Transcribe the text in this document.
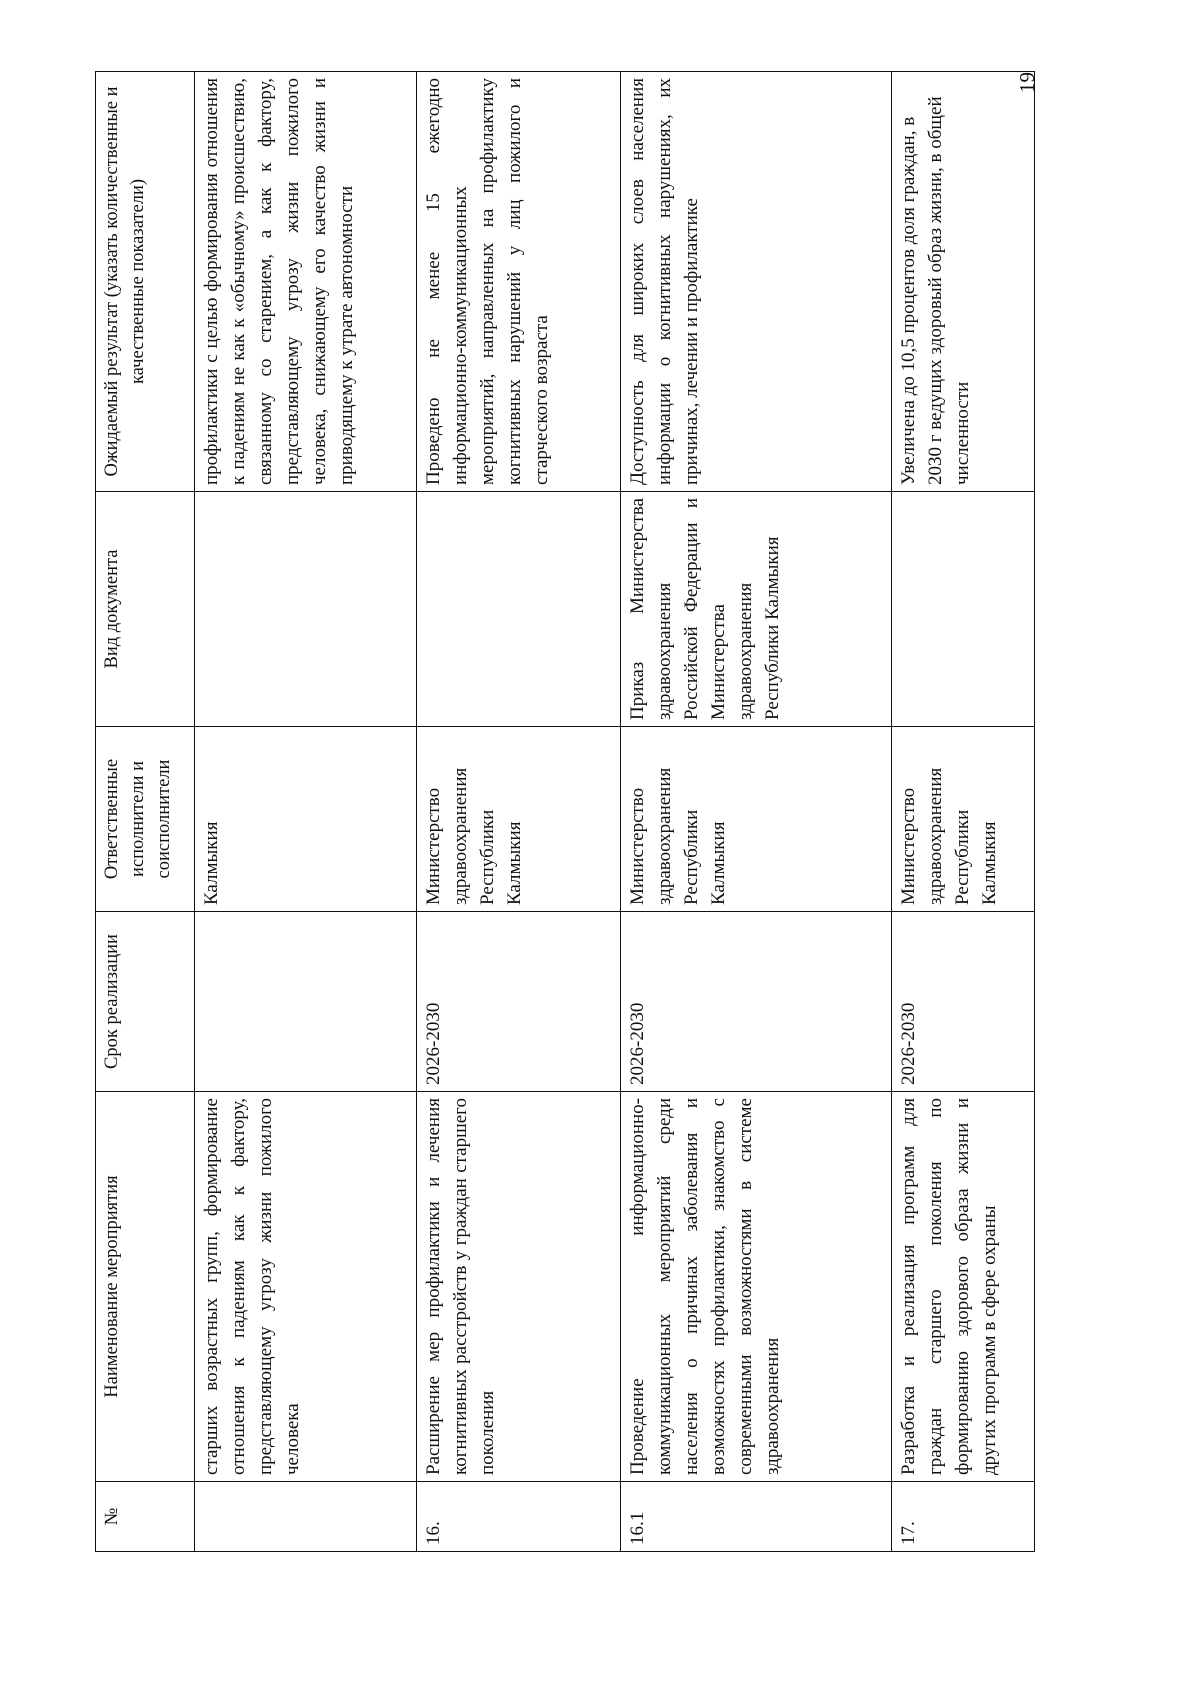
№	Наименование мероприятия	Срок реализации	Ответственные исполнители и соисполнители	Вид документа	Ожидаемый результат (указать количественные и качественные показатели)
	старших возрастных групп, формирование отношения к падениям как к фактору, представляющему угрозу жизни пожилого человека		Калмыкия		профилактики с целью формирования отношения к падениям не как к «обычному» происшествию, связанному со старением, а как к фактору, представляющему угрозу жизни пожилого человека, снижающему его качество жизни и приводящему к утрате автономности
16.	Расширение мер профилактики и лечения когнитивных расстройств у граждан старшего поколения	2026-2030	Министерство здравоохранения Республики Калмыкия		Проведено не менее 15 ежегодно информационно-коммуникационных мероприятий, направленных на профилактику когнитивных нарушений у лиц пожилого и старческого возраста
16.1	Проведение информационно-коммуникационных мероприятий среди населения о причинах заболевания и возможностях профилактики, знакомство с современными возможностями в системе здравоохранения	2026-2030	Министерство здравоохранения Республики Калмыкия	Приказ Министерства здравоохранения Российской Федерации и Министерства здравоохранения Республики Калмыкия	Доступность для широких слоев населения информации о когнитивных нарушениях, их причинах, лечении и профилактике
17.	Разработка и реализация программ для граждан старшего поколения по формированию здорового образа жизни и других программ в сфере охраны	2026-2030	Министерство здравоохранения Республики Калмыкия		Увеличена до 10,5 процентов доля граждан, в 2030 г ведущих здоровый образ жизни, в общей численности
19
